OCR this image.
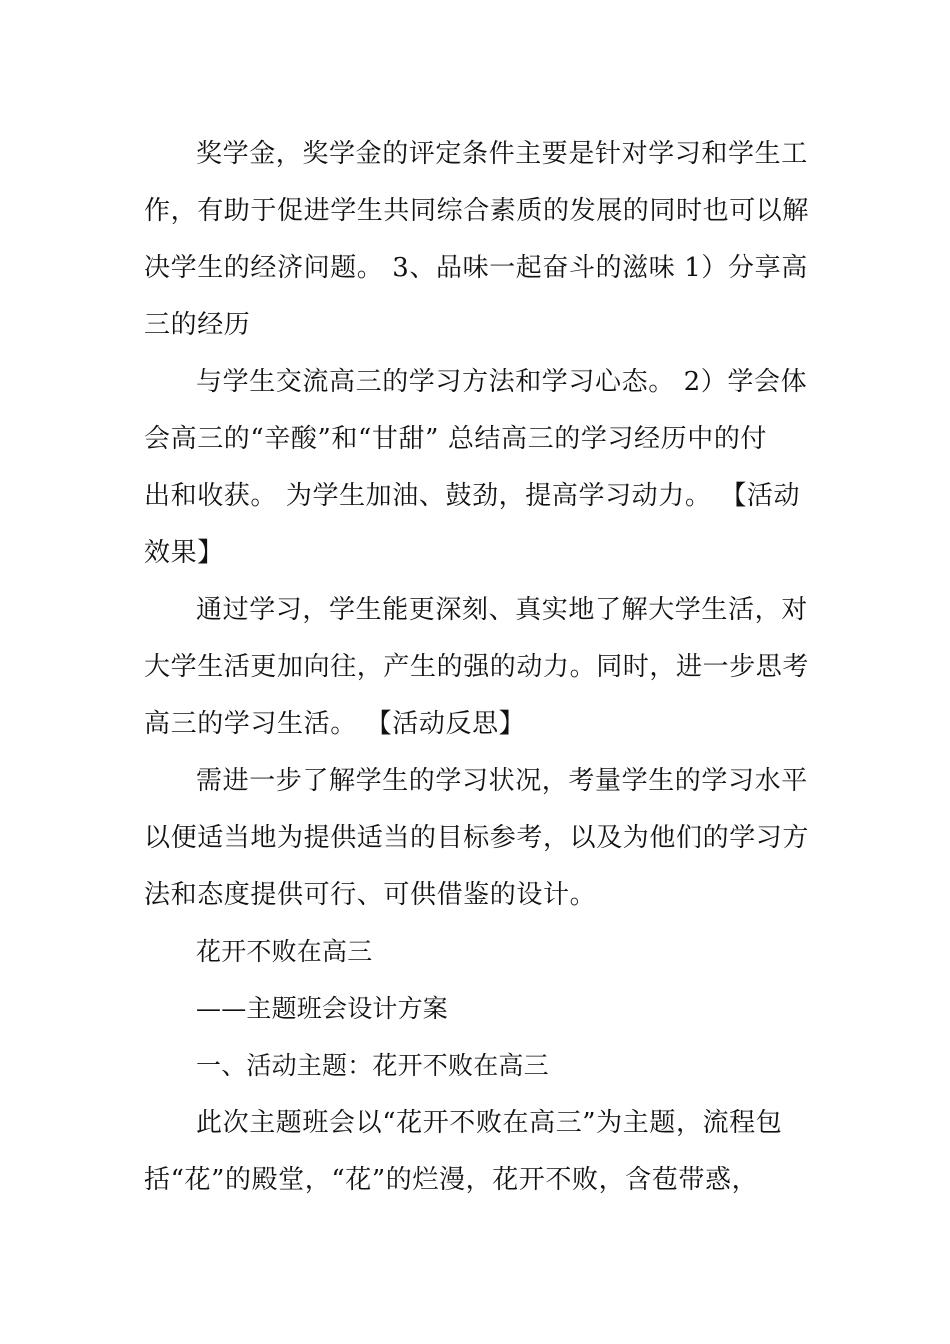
奖学金，奖学金的评定条件主要是针对学习和学生工
作，有助于促进学生共同综合素质的发展的同时也可以解
决学生的经济问题。 3、品味一起奋斗的滋味 1）分享高
三的经历
与学生交流高三的学习方法和学习心态。 2）学会体
会高三的“辛酸”和“甘甜” 总结高三的学习经历中的付
出和收获。 为学生加油、鼓劲，提高学习动力。 【活动
效果】
通过学习，学生能更深刻、真实地了解大学生活，对
大学生活更加向往，产生的强的动力。同时，进一步思考
高三的学习生活。 【活动反思】
需进一步了解学生的学习状况，考量学生的学习水平
以便适当地为提供适当的目标参考，以及为他们的学习方
法和态度提供可行、可供借鉴的设计。
花开不败在高三
——主题班会设计方案
一、活动主题：花开不败在高三
此次主题班会以“花开不败在高三”为主题，流程包
括“花”的殿堂，“花”的烂漫，花开不败，含苞带惑，
